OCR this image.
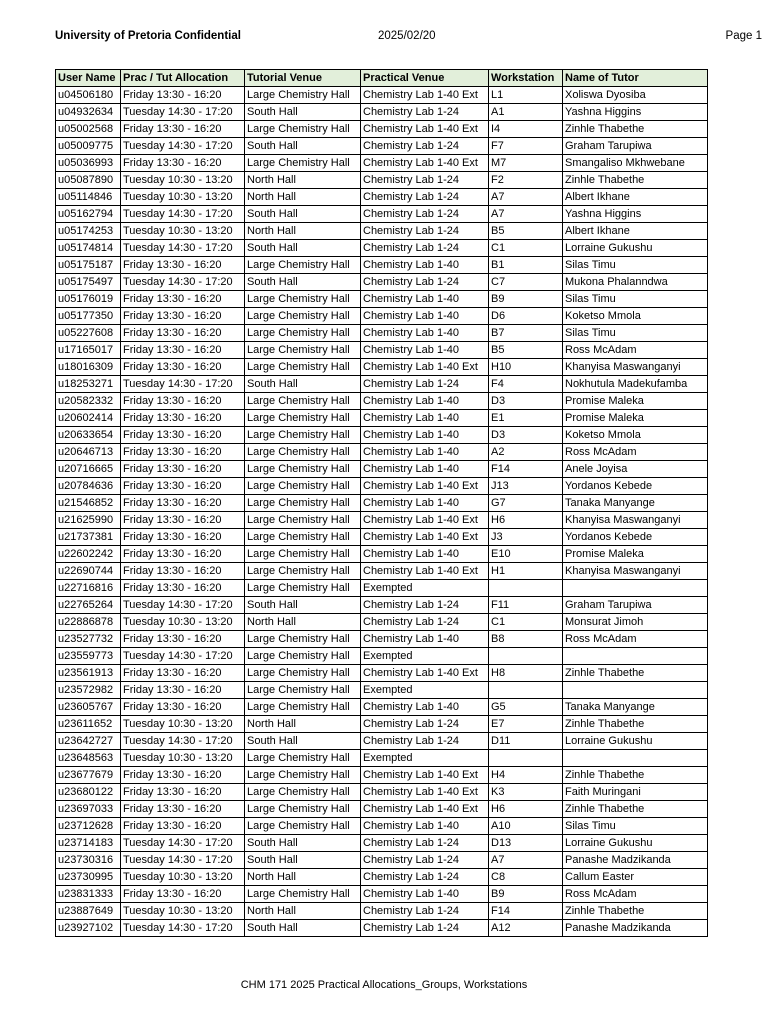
University of Pretoria Confidential	2025/02/20	Page 1
User Name	Prac / Tut Allocation	Tutorial Venue	Practical Venue	Workstation	Name of Tutor
u04506180	Friday 13:30 - 16:20	Large Chemistry Hall	Chemistry Lab 1-40 Ext	L1	Xoliswa Dyosiba
u04932634	Tuesday 14:30 - 17:20	South Hall	Chemistry Lab 1-24	A1	Yashna Higgins
u05002568	Friday 13:30 - 16:20	Large Chemistry Hall	Chemistry Lab 1-40 Ext	I4	Zinhle Thabethe
u05009775	Tuesday 14:30 - 17:20	South Hall	Chemistry Lab 1-24	F7	Graham Tarupiwa
u05036993	Friday 13:30 - 16:20	Large Chemistry Hall	Chemistry Lab 1-40 Ext	M7	Smangaliso Mkhwebane
u05087890	Tuesday 10:30 - 13:20	North Hall	Chemistry Lab 1-24	F2	Zinhle Thabethe
u05114846	Tuesday 10:30 - 13:20	North Hall	Chemistry Lab 1-24	A7	Albert Ikhane
u05162794	Tuesday 14:30 - 17:20	South Hall	Chemistry Lab 1-24	A7	Yashna Higgins
u05174253	Tuesday 10:30 - 13:20	North Hall	Chemistry Lab 1-24	B5	Albert Ikhane
u05174814	Tuesday 14:30 - 17:20	South Hall	Chemistry Lab 1-24	C1	Lorraine Gukushu
u05175187	Friday 13:30 - 16:20	Large Chemistry Hall	Chemistry Lab 1-40	B1	Silas Timu
u05175497	Tuesday 14:30 - 17:20	South Hall	Chemistry Lab 1-24	C7	Mukona Phalanndwa
u05176019	Friday 13:30 - 16:20	Large Chemistry Hall	Chemistry Lab 1-40	B9	Silas Timu
u05177350	Friday 13:30 - 16:20	Large Chemistry Hall	Chemistry Lab 1-40	D6	Koketso Mmola
u05227608	Friday 13:30 - 16:20	Large Chemistry Hall	Chemistry Lab 1-40	B7	Silas Timu
u17165017	Friday 13:30 - 16:20	Large Chemistry Hall	Chemistry Lab 1-40	B5	Ross McAdam
u18016309	Friday 13:30 - 16:20	Large Chemistry Hall	Chemistry Lab 1-40 Ext	H10	Khanyisa Maswanganyi
u18253271	Tuesday 14:30 - 17:20	South Hall	Chemistry Lab 1-24	F4	Nokhutula Madekufamba
u20582332	Friday 13:30 - 16:20	Large Chemistry Hall	Chemistry Lab 1-40	D3	Promise Maleka
u20602414	Friday 13:30 - 16:20	Large Chemistry Hall	Chemistry Lab 1-40	E1	Promise Maleka
u20633654	Friday 13:30 - 16:20	Large Chemistry Hall	Chemistry Lab 1-40	D3	Koketso Mmola
u20646713	Friday 13:30 - 16:20	Large Chemistry Hall	Chemistry Lab 1-40	A2	Ross McAdam
u20716665	Friday 13:30 - 16:20	Large Chemistry Hall	Chemistry Lab 1-40	F14	Anele Joyisa
u20784636	Friday 13:30 - 16:20	Large Chemistry Hall	Chemistry Lab 1-40 Ext	J13	Yordanos Kebede
u21546852	Friday 13:30 - 16:20	Large Chemistry Hall	Chemistry Lab 1-40	G7	Tanaka Manyange
u21625990	Friday 13:30 - 16:20	Large Chemistry Hall	Chemistry Lab 1-40 Ext	H6	Khanyisa Maswanganyi
u21737381	Friday 13:30 - 16:20	Large Chemistry Hall	Chemistry Lab 1-40 Ext	J3	Yordanos Kebede
u22602242	Friday 13:30 - 16:20	Large Chemistry Hall	Chemistry Lab 1-40	E10	Promise Maleka
u22690744	Friday 13:30 - 16:20	Large Chemistry Hall	Chemistry Lab 1-40 Ext	H1	Khanyisa Maswanganyi
u22716816	Friday 13:30 - 16:20	Large Chemistry Hall	Exempted		
u22765264	Tuesday 14:30 - 17:20	South Hall	Chemistry Lab 1-24	F11	Graham Tarupiwa
u22886878	Tuesday 10:30 - 13:20	North Hall	Chemistry Lab 1-24	C1	Monsurat Jimoh
u23527732	Friday 13:30 - 16:20	Large Chemistry Hall	Chemistry Lab 1-40	B8	Ross McAdam
u23559773	Tuesday 14:30 - 17:20	Large Chemistry Hall	Exempted		
u23561913	Friday 13:30 - 16:20	Large Chemistry Hall	Chemistry Lab 1-40 Ext	H8	Zinhle Thabethe
u23572982	Friday 13:30 - 16:20	Large Chemistry Hall	Exempted		
u23605767	Friday 13:30 - 16:20	Large Chemistry Hall	Chemistry Lab 1-40	G5	Tanaka Manyange
u23611652	Tuesday 10:30 - 13:20	North Hall	Chemistry Lab 1-24	E7	Zinhle Thabethe
u23642727	Tuesday 14:30 - 17:20	South Hall	Chemistry Lab 1-24	D11	Lorraine Gukushu
u23648563	Tuesday 10:30 - 13:20	Large Chemistry Hall	Exempted		
u23677679	Friday 13:30 - 16:20	Large Chemistry Hall	Chemistry Lab 1-40 Ext	H4	Zinhle Thabethe
u23680122	Friday 13:30 - 16:20	Large Chemistry Hall	Chemistry Lab 1-40 Ext	K3	Faith Muringani
u23697033	Friday 13:30 - 16:20	Large Chemistry Hall	Chemistry Lab 1-40 Ext	H6	Zinhle Thabethe
u23712628	Friday 13:30 - 16:20	Large Chemistry Hall	Chemistry Lab 1-40	A10	Silas Timu
u23714183	Tuesday 14:30 - 17:20	South Hall	Chemistry Lab 1-24	D13	Lorraine Gukushu
u23730316	Tuesday 14:30 - 17:20	South Hall	Chemistry Lab 1-24	A7	Panashe Madzikanda
u23730995	Tuesday 10:30 - 13:20	North Hall	Chemistry Lab 1-24	C8	Callum Easter
u23831333	Friday 13:30 - 16:20	Large Chemistry Hall	Chemistry Lab 1-40	B9	Ross McAdam
u23887649	Tuesday 10:30 - 13:20	North Hall	Chemistry Lab 1-24	F14	Zinhle Thabethe
u23927102	Tuesday 14:30 - 17:20	South Hall	Chemistry Lab 1-24	A12	Panashe Madzikanda
CHM 171 2025 Practical Allocations_Groups, Workstations
